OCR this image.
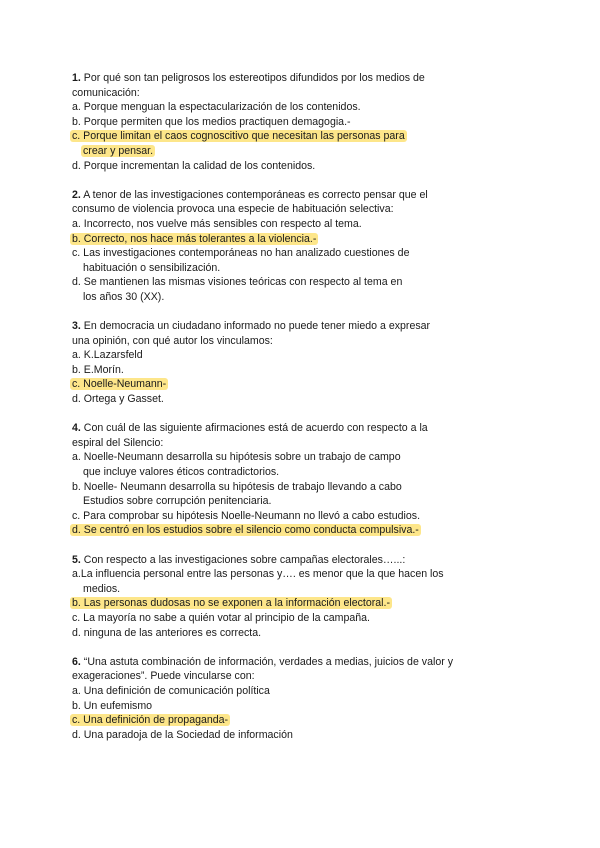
1. Por qué son tan peligrosos los estereotipos difundidos por los medios de
comunicación:
a. Porque menguan la espectacularización de los contenidos.
b. Porque permiten que los medios practiquen demagogia.-
c. Porque limitan el caos cognoscitivo que necesitan las personas para
crear y pensar.
d. Porque incrementan la calidad de los contenidos.
2. A tenor de las investigaciones contemporáneas es correcto pensar que el
consumo de violencia provoca una especie de habituación selectiva:
a. Incorrecto, nos vuelve más sensibles con respecto al tema.
b. Correcto, nos hace más tolerantes a la violencia.-
c. Las investigaciones contemporáneas no han analizado cuestiones de
habituación o sensibilización.
d. Se mantienen las mismas visiones teóricas con respecto al tema en
los años 30 (XX).
3. En democracia un ciudadano informado no puede tener miedo a expresar
una opinión, con qué autor los vinculamos:
a. K.Lazarsfeld
b. E.Morín.
c. Noelle-Neumann-
d. Ortega y Gasset.
4. Con cuál de las siguiente afirmaciones está de acuerdo con respecto a la
espiral del Silencio:
a. Noelle-Neumann desarrolla su hipótesis sobre un trabajo de campo
que incluye valores éticos contradictorios.
b. Noelle- Neumann desarrolla su hipótesis de trabajo llevando a cabo
Estudios sobre corrupción penitenciaria.
c. Para comprobar su hipótesis Noelle-Neumann no llevó a cabo estudios.
d. Se centró en los estudios sobre el silencio como conducta compulsiva.-
5. Con respecto a las investigaciones sobre campañas electorales…...:
a.La influencia personal entre las personas y…. es menor que la que hacen los
medios.
b. Las personas dudosas no se exponen a la información electoral.-
c. La mayoría no sabe a quién votar al principio de la campaña.
d. ninguna de las anteriores es correcta.
6. “Una astuta combinación de información, verdades a medias, juicios de valor y
exageraciones”. Puede vincularse con:
a. Una definición de comunicación política
b. Un eufemismo
c. Una definición de propaganda-
d. Una paradoja de la Sociedad de información
